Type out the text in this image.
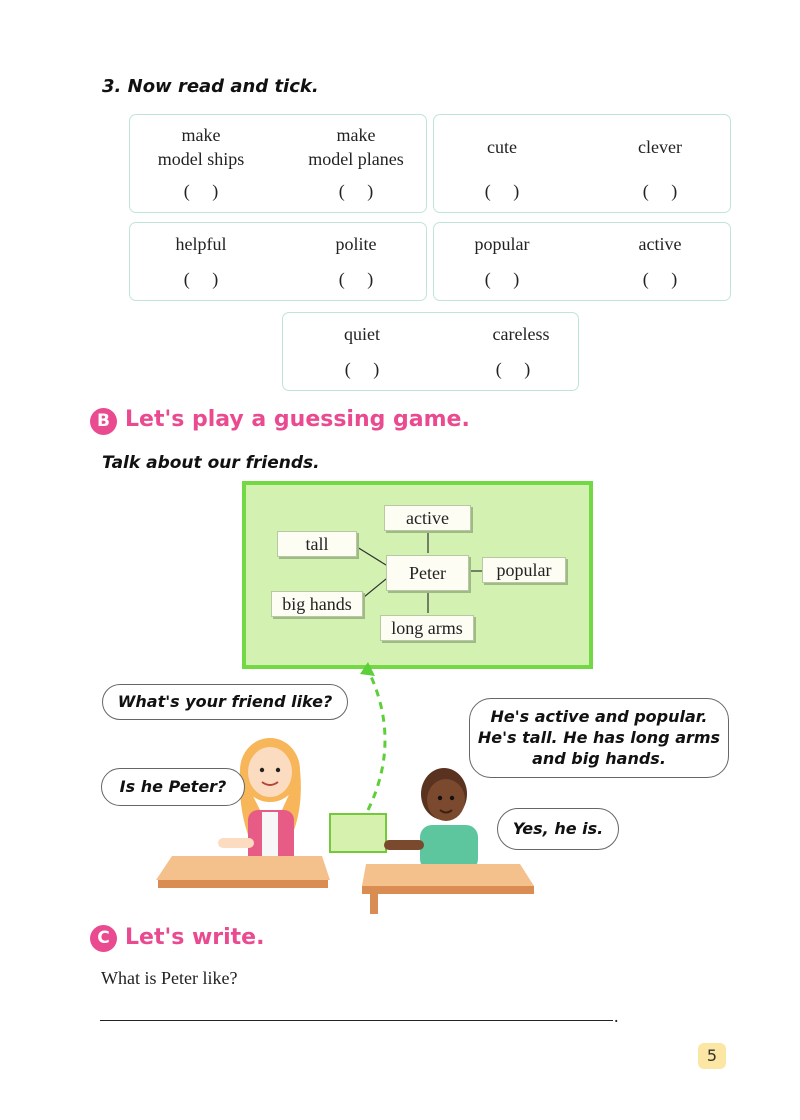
3. Now read and tick.
make
model ships
( )
make
model planes
( )
cute
( )
clever
( )
helpful
( )
polite
( )
popular
( )
active
( )
quiet
( )
careless
( )
B Let's play a guessing game.
Talk about our friends.
active
tall
Peter	popular
big hands
long arms
What's your friend like?
Is he Peter?
He's active and popular.
He's tall. He has long arms
and big hands.
Yes, he is.
C Let's write.
What is Peter like?
.
5
